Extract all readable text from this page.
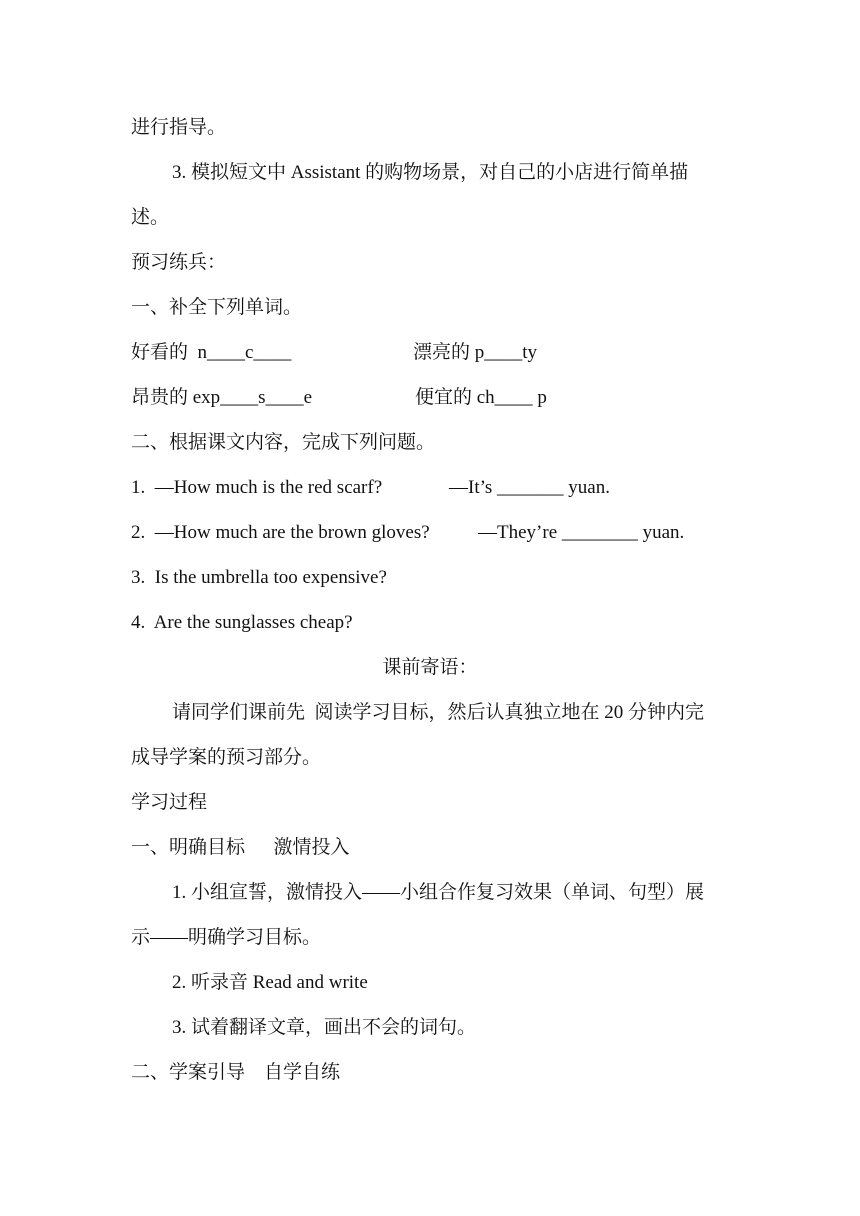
进行指导。
3. 模拟短文中 Assistant 的购物场景，对自己的小店进行简单描
述。
预习练兵：
一、补全下列单词。
好看的  n____c____	漂亮的 p____ty
昂贵的 exp____s____e	便宜的 ch____ p
二、根据课文内容，完成下列问题。
1.  —How much is the red scarf?	—It’s _______ yuan.
2.  —How much are the brown gloves?	—They’re ________ yuan.
3.  Is the umbrella too expensive?
4.  Are the sunglasses cheap?
课前寄语：
请同学们课前先  阅读学习目标，然后认真独立地在 20 分钟内完
成导学案的预习部分。
学习过程
一、明确目标      激情投入
1. 小组宣誓，激情投入——小组合作复习效果（单词、句型）展
示——明确学习目标。
2. 听录音 Read and write
3. 试着翻译文章，画出不会的词句。
二、学案引导    自学自练
